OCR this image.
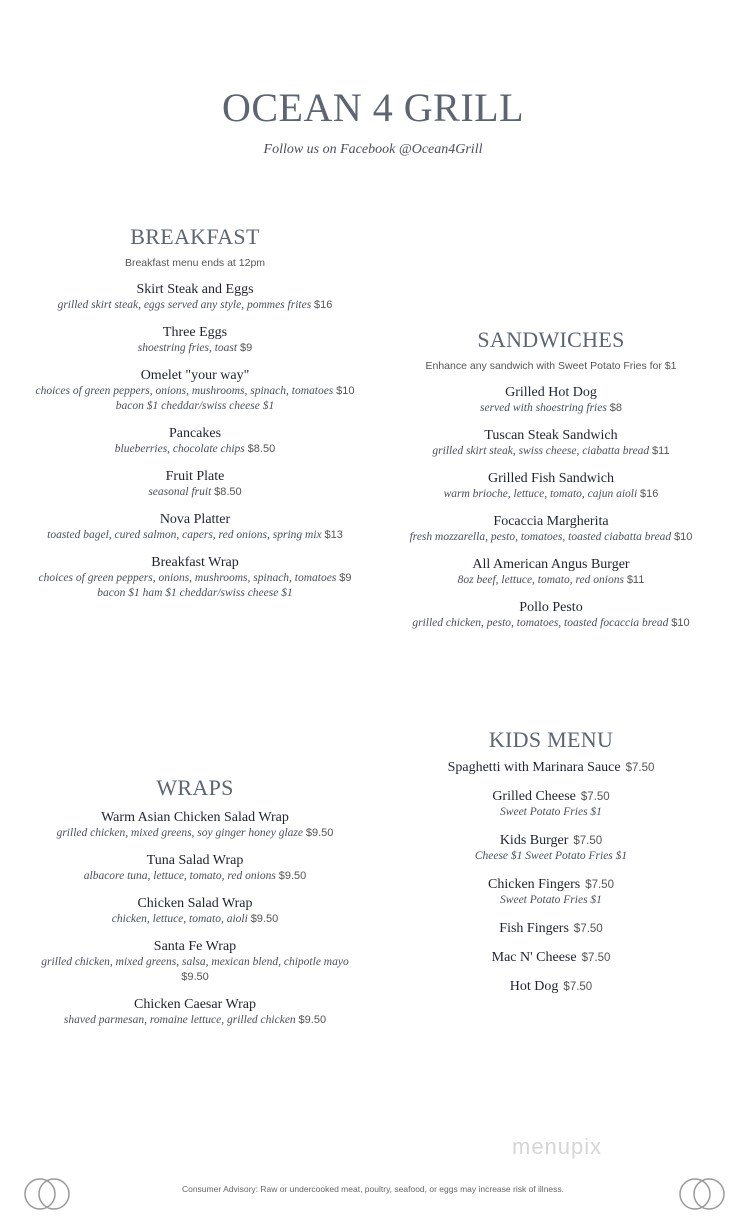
OCEAN 4 GRILL
Follow us on Facebook @Ocean4Grill
BREAKFAST
Breakfast menu ends at 12pm
Skirt Steak and Eggs
grilled skirt steak, eggs served any style, pommes frites $16
Three Eggs
shoestring fries, toast $9
Omelet "your way"
choices of green peppers, onions, mushrooms, spinach, tomatoes $10
bacon $1 cheddar/swiss cheese $1
Pancakes
blueberries, chocolate chips $8.50
Fruit Plate
seasonal fruit $8.50
Nova Platter
toasted bagel, cured salmon, capers, red onions, spring mix $13
Breakfast Wrap
choices of green peppers, onions, mushrooms, spinach, tomatoes $9
bacon $1 ham $1 cheddar/swiss cheese $1
SANDWICHES
Enhance any sandwich with Sweet Potato Fries for $1
Grilled Hot Dog
served with shoestring fries $8
Tuscan Steak Sandwich
grilled skirt steak, swiss cheese, ciabatta bread $11
Grilled Fish Sandwich
warm brioche, lettuce, tomato, cajun aioli $16
Focaccia Margherita
fresh mozzarella, pesto, tomatoes, toasted ciabatta bread $10
All American Angus Burger
8oz beef, lettuce, tomato, red onions $11
Pollo Pesto
grilled chicken, pesto, tomatoes, toasted focaccia bread $10
WRAPS
Warm Asian Chicken Salad Wrap
grilled chicken, mixed greens, soy ginger honey glaze $9.50
Tuna Salad Wrap
albacore tuna, lettuce, tomato, red onions $9.50
Chicken Salad Wrap
chicken, lettuce, tomato, aioli $9.50
Santa Fe Wrap
grilled chicken, mixed greens, salsa, mexican blend, chipotle mayo $9.50
Chicken Caesar Wrap
shaved parmesan, romaine lettuce, grilled chicken $9.50
KIDS MENU
Spaghetti with Marinara Sauce $7.50
Grilled Cheese $7.50
Sweet Potato Fries $1
Kids Burger $7.50
Cheese $1 Sweet Potato Fries $1
Chicken Fingers $7.50
Sweet Potato Fries $1
Fish Fingers $7.50
Mac N' Cheese $7.50
Hot Dog $7.50
menupix
Consumer Advisory: Raw or undercooked meat, poultry, seafood, or eggs may increase risk of illness.
